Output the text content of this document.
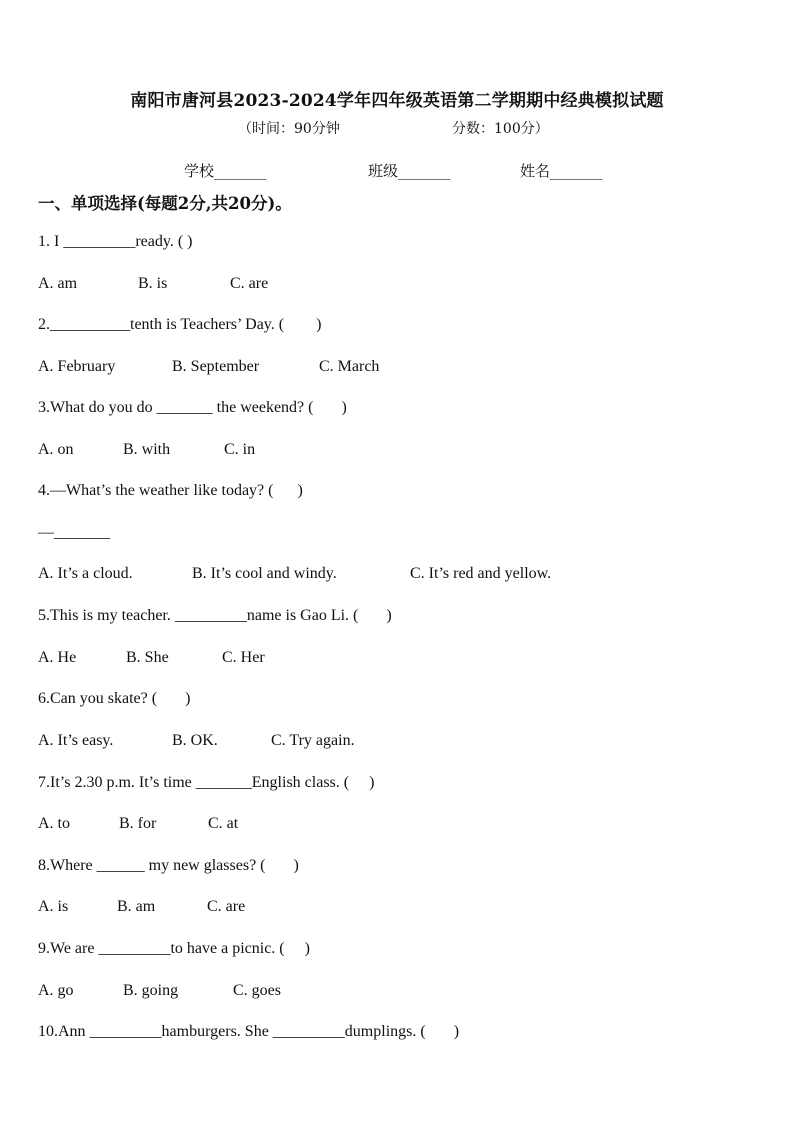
南阳市唐河县2023-2024学年四年级英语第二学期期中经典模拟试题
（时间：90分钟	分数：100分）
学校_______	班级_______	姓名_______
一、单项选择(每题2分,共20分)。
1. I _________ready. ( )
A. am	B. is	C. are
2.__________tenth is Teachers’ Day. (        )
A. February	B. September	C. March
3.What do you do _______ the weekend? (       )
A. on	B. with	C. in
4.—What’s the weather like today? (      )
—_______
A. It’s a cloud.	B. It’s cool and windy.	C. It’s red and yellow.
5.This is my teacher. _________name is Gao Li. (       )
A. He	B. She	C. Her
6.Can you skate? (       )
A. It’s easy.	B. OK.	C. Try again.
7.It’s 2.30 p.m. It’s time _______English class. (     )
A. to	B. for	C. at
8.Where ______ my new glasses? (       )
A. is	B. am	C. are
9.We are _________to have a picnic. (     )
A. go	B. going	C. goes
10.Ann _________hamburgers. She _________dumplings. (       )
